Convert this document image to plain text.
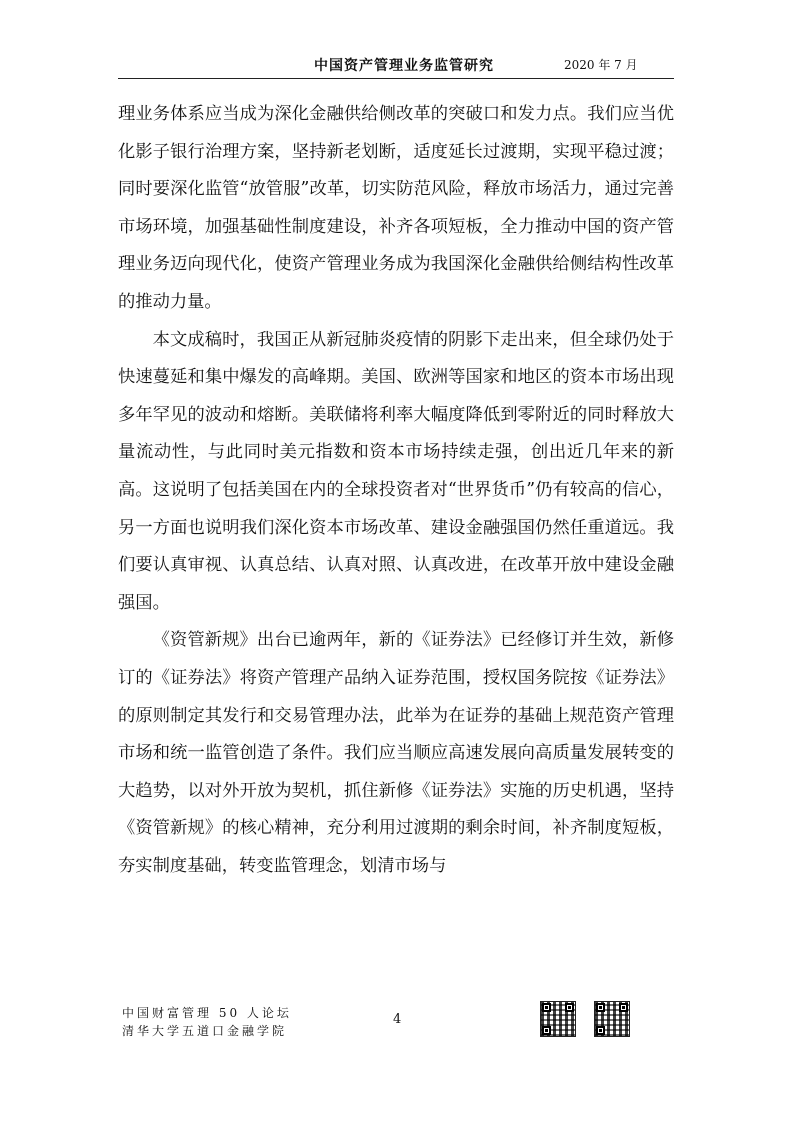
中国资产管理业务监管研究	2020 年 7 月

理业务体系应当成为深化金融供给侧改革的突破口和发力点。我们应当优化影子银行治理方案，坚持新老划断，适度延长过渡期，实现平稳过渡；同时要深化监管“放管服”改革，切实防范风险，释放市场活力，通过完善市场环境，加强基础性制度建设，补齐各项短板，全力推动中国的资产管理业务迈向现代化，使资产管理业务成为我国深化金融供给侧结构性改革的推动力量。

本文成稿时，我国正从新冠肺炎疫情的阴影下走出来，但全球仍处于快速蔓延和集中爆发的高峰期。美国、欧洲等国家和地区的资本市场出现多年罕见的波动和熔断。美联储将利率大幅度降低到零附近的同时释放大量流动性，与此同时美元指数和资本市场持续走强，创出近几年来的新高。这说明了包括美国在内的全球投资者对“世界货币”仍有较高的信心，另一方面也说明我们深化资本市场改革、建设金融强国仍然任重道远。我们要认真审视、认真总结、认真对照、认真改进，在改革开放中建设金融强国。

《资管新规》出台已逾两年，新的《证券法》已经修订并生效，新修订的《证券法》将资产管理产品纳入证券范围，授权国务院按《证券法》的原则制定其发行和交易管理办法，此举为在证券的基础上规范资产管理市场和统一监管创造了条件。我们应当顺应高速发展向高质量发展转变的大趋势，以对外开放为契机，抓住新修《证券法》实施的历史机遇，坚持《资管新规》的核心精神，充分利用过渡期的剩余时间，补齐制度短板，夯实制度基础，转变监管理念，划清市场与

中国财富管理 50 人论坛
清华大学五道口金融学院
4
